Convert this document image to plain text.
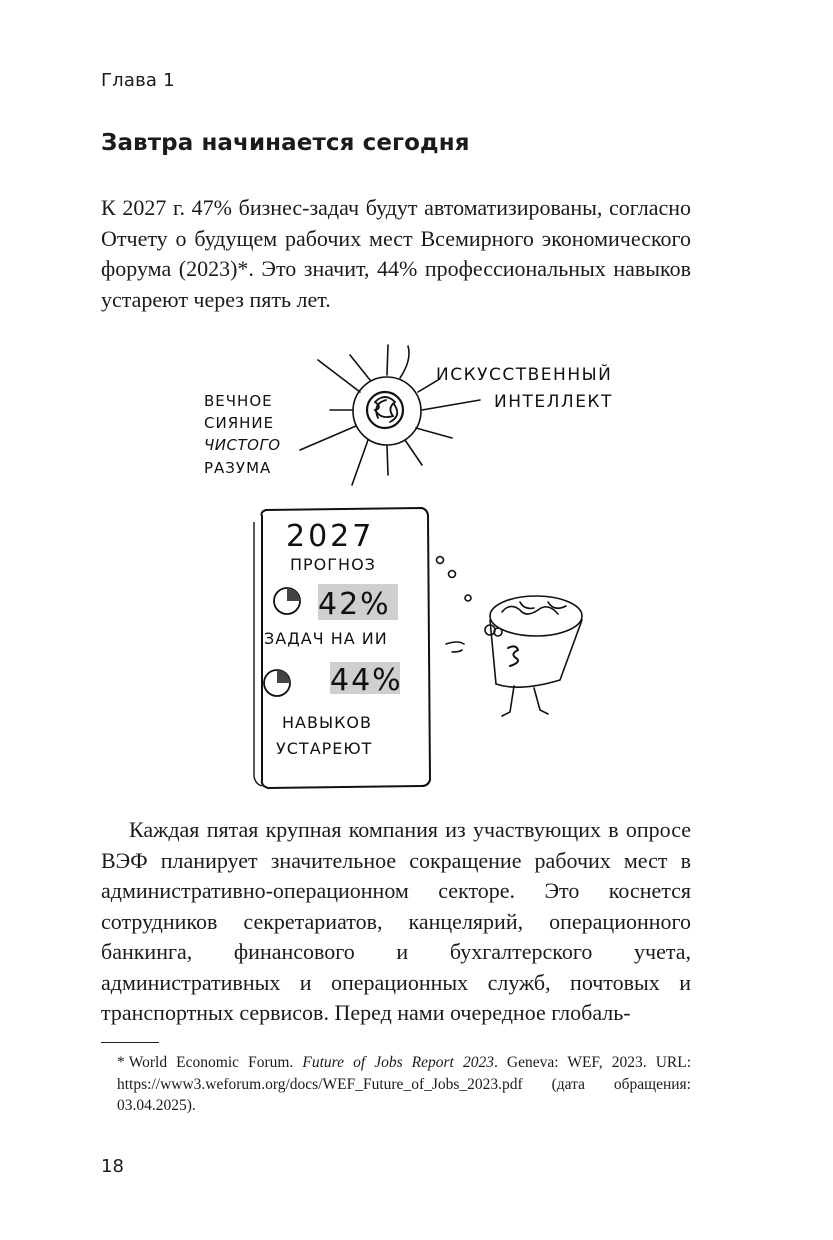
Глава 1
Завтра начинается сегодня

К 2027 г. 47% бизнес-задач будут автоматизированы, согласно Отчету о будущем рабочих мест Всемирного экономического форума (2023)*. Это значит, 44% профессиональных навыков устареют через пять лет.

ВЕЧНОЕ
СИЯНИЕ
ЧИСТОГО
РАЗУМА
ИСКУССТВЕННЫЙ
ИНТЕЛЛЕКТ
2027
ПРОГНОЗ
42%
ЗАДАЧ НА ИИ
44%
НАВЫКОВ
УСТАРЕЮТ

Каждая пятая крупная компания из участвующих в опросе ВЭФ планирует значительное сокращение рабочих мест в административно-операционном секторе. Это коснется сотрудников секретариатов, канцелярий, операционного банкинга, финансового и бухгалтерского учета, административных и операционных служб, почтовых и транспортных сервисов. Перед нами очередное глобаль-

* World Economic Forum. Future of Jobs Report 2023. Geneva: WEF, 2023. URL: https://www3.weforum.org/docs/WEF_Future_of_Jobs_2023.pdf (дата обращения: 03.04.2025).

18
